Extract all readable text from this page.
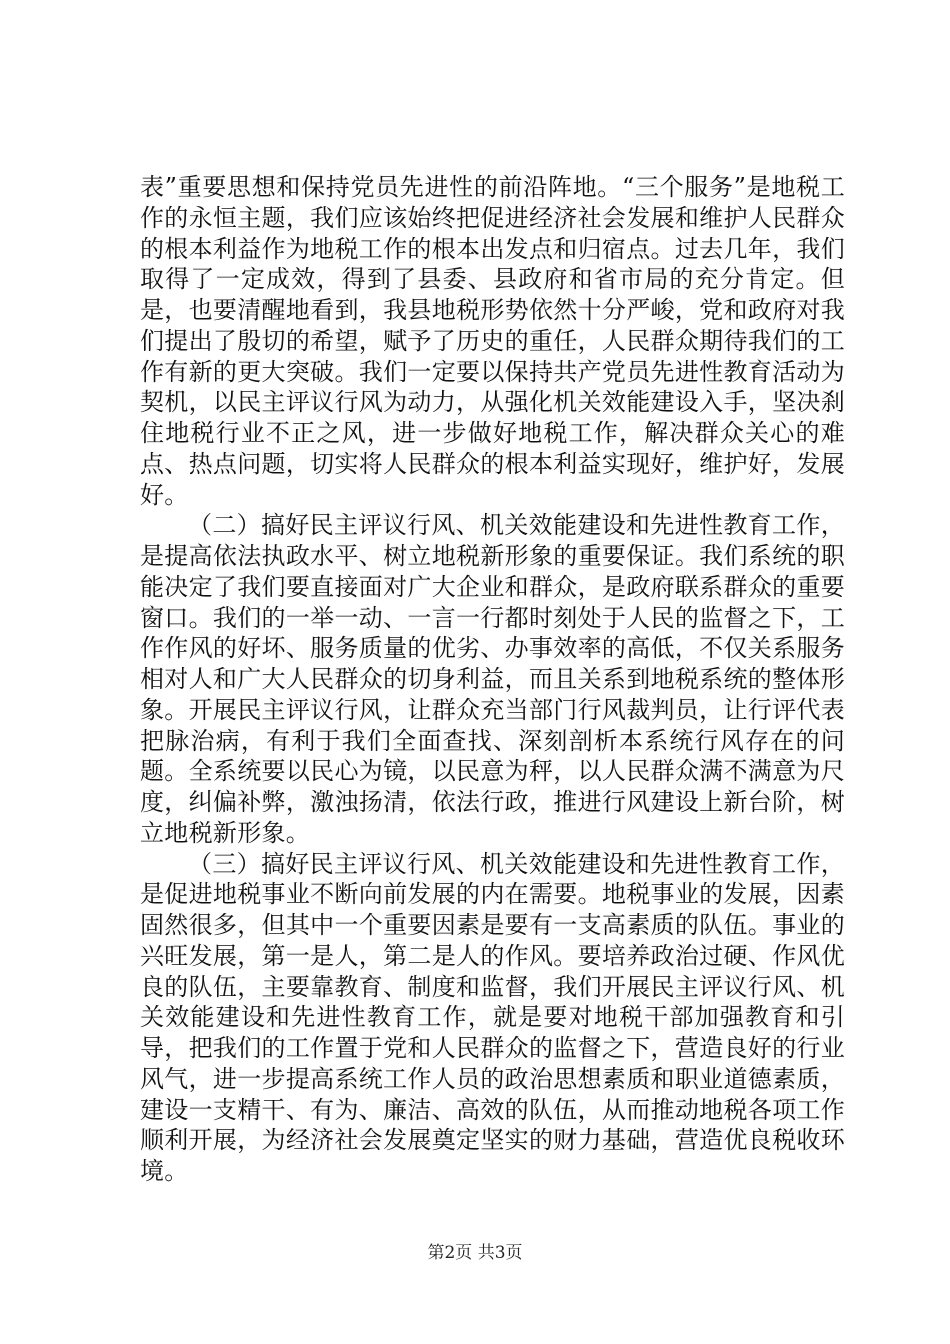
表”重要思想和保持党员先进性的前沿阵地。“三个服务”是地税工作的永恒主题，我们应该始终把促进经济社会发展和维护人民群众的根本利益作为地税工作的根本出发点和归宿点。过去几年，我们取得了一定成效，得到了县委、县政府和省市局的充分肯定。但是，也要清醒地看到，我县地税形势依然十分严峻，党和政府对我们提出了殷切的希望，赋予了历史的重任，人民群众期待我们的工作有新的更大突破。我们一定要以保持共产党员先进性教育活动为契机，以民主评议行风为动力，从强化机关效能建设入手，坚决刹住地税行业不正之风，进一步做好地税工作，解决群众关心的难点、热点问题，切实将人民群众的根本利益实现好，维护好，发展好。

（二）搞好民主评议行风、机关效能建设和先进性教育工作，是提高依法执政水平、树立地税新形象的重要保证。我们系统的职能决定了我们要直接面对广大企业和群众，是政府联系群众的重要窗口。我们的一举一动、一言一行都时刻处于人民的监督之下，工作作风的好坏、服务质量的优劣、办事效率的高低，不仅关系服务相对人和广大人民群众的切身利益，而且关系到地税系统的整体形象。开展民主评议行风，让群众充当部门行风裁判员，让行评代表把脉治病，有利于我们全面查找、深刻剖析本系统行风存在的问题。全系统要以民心为镜，以民意为秤，以人民群众满不满意为尺度，纠偏补弊，激浊扬清，依法行政，推进行风建设上新台阶，树立地税新形象。

（三）搞好民主评议行风、机关效能建设和先进性教育工作，是促进地税事业不断向前发展的内在需要。地税事业的发展，因素固然很多，但其中一个重要因素是要有一支高素质的队伍。事业的兴旺发展，第一是人，第二是人的作风。要培养政治过硬、作风优良的队伍，主要靠教育、制度和监督，我们开展民主评议行风、机关效能建设和先进性教育工作，就是要对地税干部加强教育和引导，把我们的工作置于党和人民群众的监督之下，营造良好的行业风气，进一步提高系统工作人员的政治思想素质和职业道德素质，建设一支精干、有为、廉洁、高效的队伍，从而推动地税各项工作顺利开展，为经济社会发展奠定坚实的财力基础，营造优良税收环境。

第2页 共3页
